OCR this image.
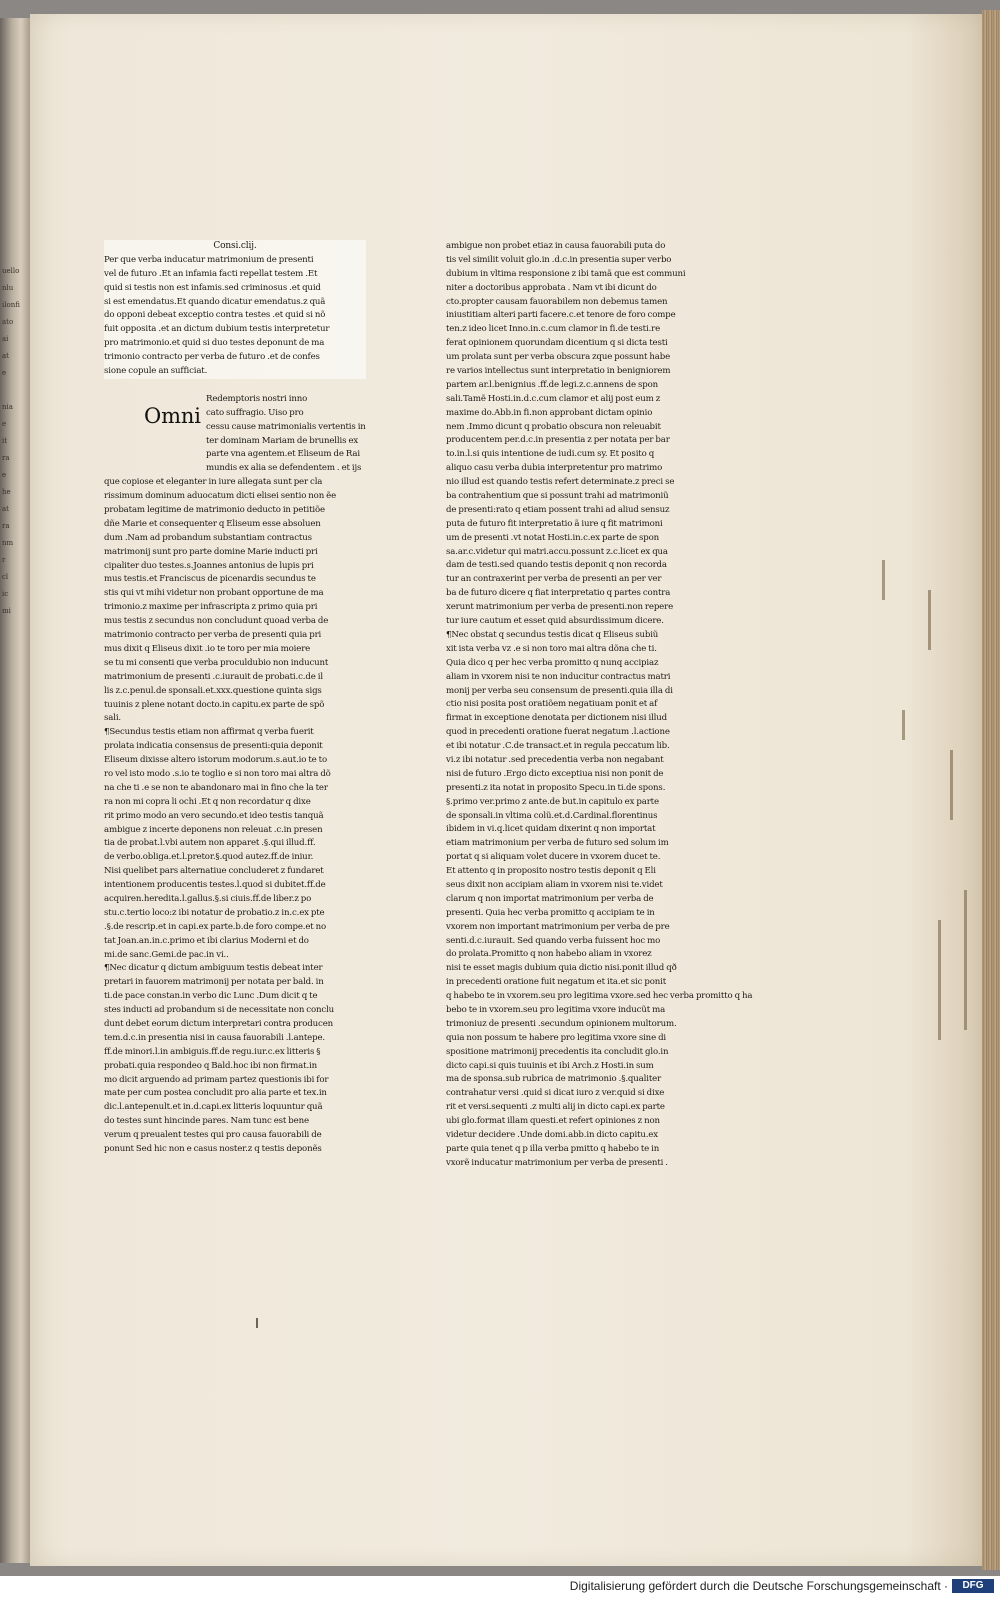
uello
nlu
ilonfi
ato
ai
at
e
nia
e
it
ra
e
he
at
ra
nm
r
cl
ic
mi
Consi.clij.
Per que verba inducatur matrimonium de presenti
vel de futuro .Et an infamia facti repellat testem .Et
quid si testis non est infamis.sed criminosus .et quid
si est emendatus.Et quando dicatur emendatus.z quã
do opponi debeat exceptio contra testes .et quid si nõ
fuit opposita .et an dictum dubium testis interpretetur
pro matrimonio.et quid si duo testes deponunt de ma
trimonio contracto per verba de futuro .et de confes
sione copule an sufficiat.
Omni
Redemptoris nostri inno
cato suffragio. Uiso pro
cessu cause matrimonialis vertentis in
ter dominam Mariam de brunellis ex
parte vna agentem.et Eliseum de Rai
mundis ex alia se defendentem . et ijs
que copiose et eleganter in iure allegata sunt per cla
rissimum dominum aduocatum dicti elisei sentio non ẽe
probatam legitime de matrimonio deducto in petitiõe
dñe Marie et consequenter q Eliseum esse absoluen
dum .Nam ad probandum substantiam contractus
matrimonij sunt pro parte domine Marie inducti pri
cipaliter duo testes.s.Joannes antonius de lupis pri
mus testis.et Franciscus de picenardis secundus te
stis qui vt mihi videtur non probant opportune de ma
trimonio.z maxime per infrascripta z primo quia pri
mus testis z secundus non concludunt quoad verba de
matrimonio contracto per verba de presenti quia pri
mus dixit q Eliseus dixit .io te toro per mia moiere
se tu mi consenti que verba proculdubio non inducunt
matrimonium de presenti .c.iurauit de probati.c.de il
lis z.c.penul.de sponsali.et.xxx.questione quinta sigs
tuuinis z plene notant docto.in capitu.ex parte de spõ
sali.
¶Secundus testis etiam non affirmat q verba fuerit
prolata indicatia consensus de presenti:quia deponit
Eliseum dixisse altero istorum modorum.s.aut.io te to
ro vel isto modo .s.io te toglio e si non toro mai altra dõ
na che ti .e se non te abandonaro mai in fino che la ter
ra non mi copra li ochi .Et q non recordatur q dixe
rit primo modo an vero secundo.et ideo testis tanquã
ambigue z incerte deponens non releuat .c.in presen
tia de probat.l.vbi autem non apparet .§.qui illud.ff.
de verbo.obliga.et.l.pretor.§.quod autez.ff.de iniur.
Nisi quelibet pars alternatiue concluderet z fundaret
intentionem producentis testes.l.quod si dubitet.ff.de
acquiren.heredita.l.gallus.§.si ciuis.ff.de liber.z po
stu.c.tertio loco:z ibi notatur de probatio.z in.c.ex pte
.§.de rescrip.et in capi.ex parte.b.de foro compe.et no
tat Joan.an.in.c.primo et ibi clarius Moderni et do
mi.de sanc.Gemi.de pac.in vi..
¶Nec dicatur q dictum ambiguum testis debeat inter
pretari in fauorem matrimonij per notata per bald. in
ti.de pace constan.in verbo dic Lunc .Dum dicit q te
stes inducti ad probandum si de necessitate non conclu
dunt debet eorum dictum interpretari contra producen
tem.d.c.in presentia nisi in causa fauorabili .l.antepe.
ff.de minori.l.in ambiguis.ff.de regu.iur.c.ex litteris §
probati.quia respondeo q Bald.hoc ibi non firmat.in
mo dicit arguendo ad primam partez questionis ibi for
mate per cum postea concludit pro alia parte et tex.in
dic.l.antepenult.et in.d.capi.ex litteris loquuntur quã
do testes sunt hincinde pares. Nam tunc est bene
verum q preualent testes qui pro causa fauorabili de
ponunt Sed hic non e casus noster.z q testis deponẽs
ambigue non probet etiaz in causa fauorabili puta do
tis vel similit voluit glo.in .d.c.in presentia super verbo
dubium in vltima responsione z ibi tamã que est communi
niter a doctoribus approbata . Nam vt ibi dicunt do
cto.propter causam fauorabilem non debemus tamen
iniustitiam alteri parti facere.c.et tenore de foro compe
ten.z ideo licet Inno.in.c.cum clamor in fi.de testi.re
ferat opinionem quorundam dicentium q si dicta testi
um prolata sunt per verba obscura zque possunt habe
re varios intellectus sunt interpretatio in benigniorem
partem ar.l.benignius .ff.de legi.z.c.annens de spon
sali.Tamẽ Hosti.in.d.c.cum clamor et alij post eum z
maxime do.Abb.in fi.non approbant dictam opinio
nem .Immo dicunt q probatio obscura non releuabit
producentem per.d.c.in presentia z per notata per bar
to.in.l.si quis intentione de iudi.cum sy. Et posito q
aliquo casu verba dubia interpretentur pro matrimo
nio illud est quando testis refert determinate.z preci se
ba contrahentium que si possunt trahi ad matrimoniũ
de presenti:rato q etiam possent trahi ad aliud sensuz
puta de futuro fit interpretatio ã iure q fit matrimoni
um de presenti .vt notat Hosti.in.c.ex parte de spon
sa.ar.c.videtur qui matri.accu.possunt z.c.licet ex qua
dam de testi.sed quando testis deponit q non recorda
tur an contraxerint per verba de presenti an per ver
ba de futuro dicere q fiat interpretatio q partes contra
xerunt matrimonium per verba de presenti.non repere
tur iure cautum et esset quid absurdissimum dicere.
¶Nec obstat q secundus testis dicat q Eliseus subiũ
xit ista verba vz .e si non toro mai altra dõna che ti.
Quia dico q per hec verba promitto q nunq accipiaz
aliam in vxorem nisi te non inducitur contractus matri
monij per verba seu consensum de presenti.quia illa di
ctio nisi posita post oratiõem negatiuam ponit et af
firmat in exceptione denotata per dictionem nisi illud
quod in precedenti oratione fuerat negatum .l.actione
et ibi notatur .C.de transact.et in regula peccatum lib.
vi.z ibi notatur .sed precedentia verba non negabant
nisi de futuro .Ergo dicto exceptiua nisi non ponit de
presenti.z ita notat in proposito Specu.in ti.de spons.
§.primo ver.primo z ante.de but.in capitulo ex parte
de sponsali.in vltima colũ.et.d.Cardinal.florentinus
ibidem in vi.q.licet quidam dixerint q non importat
etiam matrimonium per verba de futuro sed solum im
portat q si aliquam volet ducere in vxorem ducet te.
Et attento q in proposito nostro testis deponit q Eli
seus dixit non accipiam aliam in vxorem nisi te.videt
clarum q non importat matrimonium per verba de
presenti. Quia hec verba promitto q accipiam te in
vxorem non important matrimonium per verba de pre
senti.d.c.iurauit. Sed quando verba fuissent hoc mo
do prolata.Promitto q non habebo aliam in vxorez
nisi te esset magis dubium quia dictio nisi.ponit illud qð
in precedenti oratione fuit negatum et ita.et sic ponit
q habebo te in vxorem.seu pro legitima vxore.sed hec verba promitto q ha
bebo te in vxorem.seu pro legitima vxore inducũt ma
trimoniuz de presenti .secundum opinionem multorum.
quia non possum te habere pro legitima vxore sine di
spositione matrimonij precedentis ita concludit glo.in
dicto capi.si quis tuuinis et ibi Arch.z Hosti.in sum
ma de sponsa.sub rubrica de matrimonio .§.qualiter
contrahatur versi .quid si dicat iuro z ver.quid si dixe
rit et versi.sequenti .z multi alij in dicto capi.ex parte
ubi glo.format illam questi.et refert opiniones z non
videtur decidere .Unde domi.abb.in dicto capitu.ex
parte quia tenet q p illa verba pmitto q habebo te in
vxorẽ inducatur matrimonium per verba de presenti .
Digitalisierung gefördert durch die Deutsche Forschungsgemeinschaft ·	DFG
